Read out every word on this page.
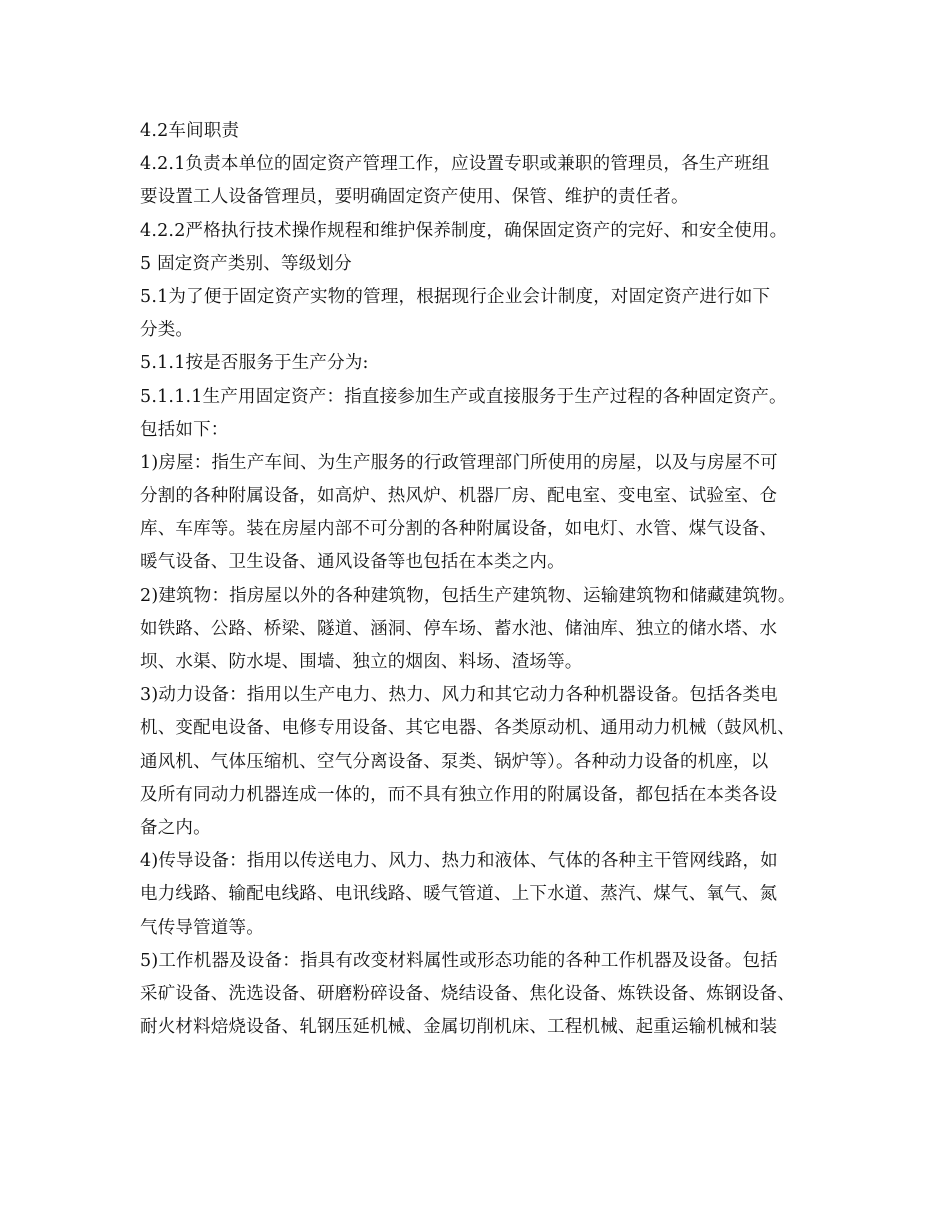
4.2车间职责
4.2.1负责本单位的固定资产管理工作，应设置专职或兼职的管理员，各生产班组
要设置工人设备管理员，要明确固定资产使用、保管、维护的责任者。
4.2.2严格执行技术操作规程和维护保养制度，确保固定资产的完好、和安全使用。
5 固定资产类别、等级划分
5.1为了便于固定资产实物的管理，根据现行企业会计制度，对固定资产进行如下
分类。
5.1.1按是否服务于生产分为:
5.1.1.1生产用固定资产：指直接参加生产或直接服务于生产过程的各种固定资产。
包括如下：
1)房屋：指生产车间、为生产服务的行政管理部门所使用的房屋，以及与房屋不可
分割的各种附属设备，如高炉、热风炉、机器厂房、配电室、变电室、试验室、仓
库、车库等。装在房屋内部不可分割的各种附属设备，如电灯、水管、煤气设备、
暖气设备、卫生设备、通风设备等也包括在本类之内。
2)建筑物：指房屋以外的各种建筑物，包括生产建筑物、运输建筑物和储藏建筑物。
如铁路、公路、桥梁、隧道、涵洞、停车场、蓄水池、储油库、独立的储水塔、水
坝、水渠、防水堤、围墙、独立的烟囱、料场、渣场等。
3)动力设备：指用以生产电力、热力、风力和其它动力各种机器设备。包括各类电
机、变配电设备、电修专用设备、其它电器、各类原动机、通用动力机械（鼓风机、
通风机、气体压缩机、空气分离设备、泵类、锅炉等）。各种动力设备的机座，以
及所有同动力机器连成一体的，而不具有独立作用的附属设备，都包括在本类各设
备之内。
4)传导设备：指用以传送电力、风力、热力和液体、气体的各种主干管网线路，如
电力线路、输配电线路、电讯线路、暖气管道、上下水道、蒸汽、煤气、氧气、氮
气传导管道等。
5)工作机器及设备：指具有改变材料属性或形态功能的各种工作机器及设备。包括
采矿设备、洗选设备、研磨粉碎设备、烧结设备、焦化设备、炼铁设备、炼钢设备、
耐火材料焙烧设备、轧钢压延机械、金属切削机床、工程机械、起重运输机械和装
